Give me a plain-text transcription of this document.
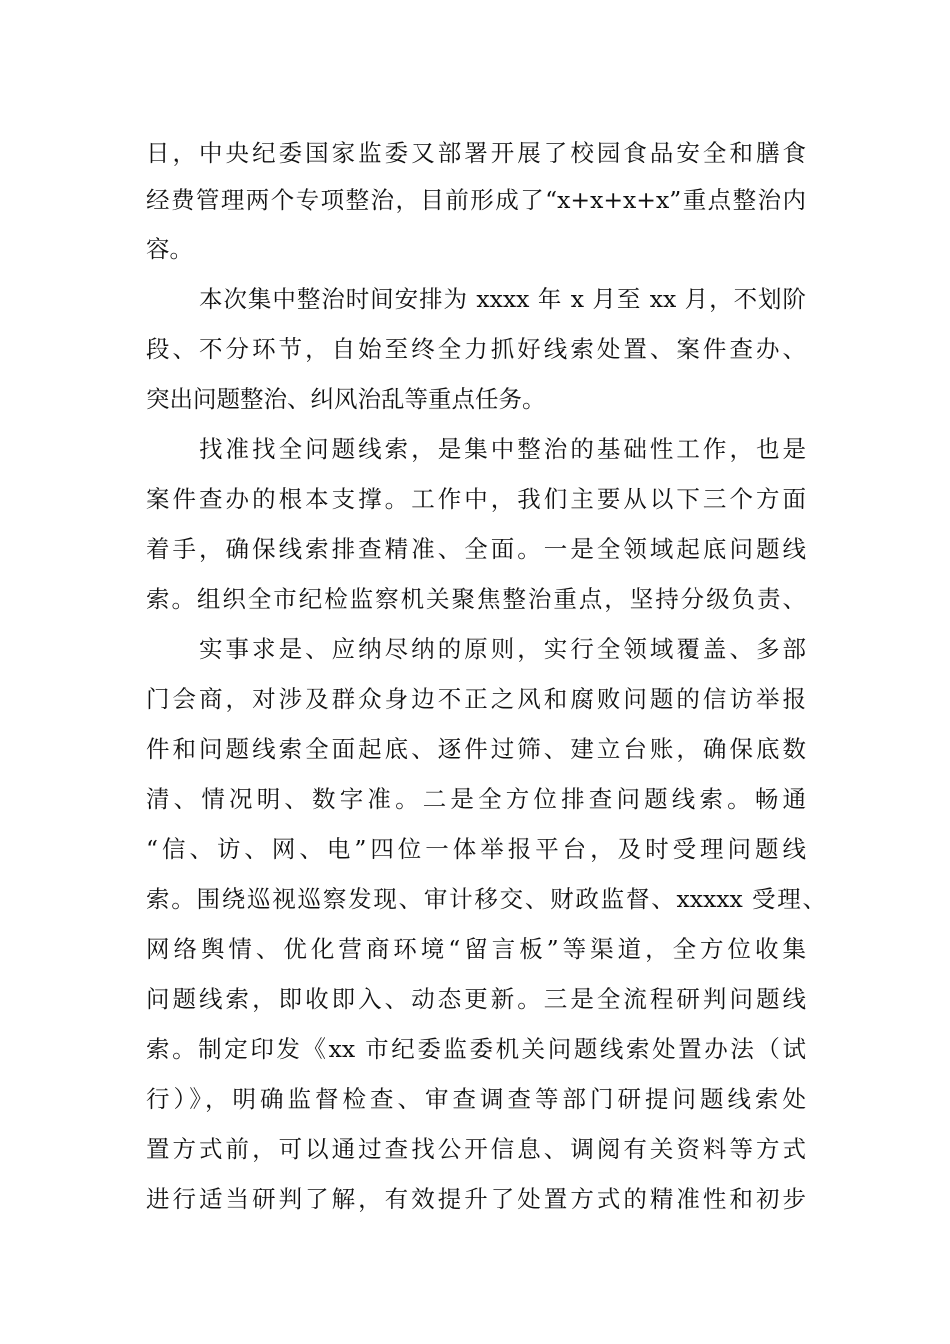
日，中央纪委国家监委又部署开展了校园食品安全和膳食
经费管理两个专项整治，目前形成了“x+x+x+x”重点整治内
容。
本次集中整治时间安排为 xxxx 年 x 月至 xx 月，不划阶
段、不分环节，自始至终全力抓好线索处置、案件查办、
突出问题整治、纠风治乱等重点任务。
找准找全问题线索，是集中整治的基础性工作，也是
案件查办的根本支撑。工作中，我们主要从以下三个方面
着手，确保线索排查精准、全面。一是全领域起底问题线
索。组织全市纪检监察机关聚焦整治重点，坚持分级负责、
实事求是、应纳尽纳的原则，实行全领域覆盖、多部
门会商，对涉及群众身边不正之风和腐败问题的信访举报
件和问题线索全面起底、逐件过筛、建立台账，确保底数
清、情况明、数字准。二是全方位排查问题线索。畅通
“信、访、网、电”四位一体举报平台，及时受理问题线
索。围绕巡视巡察发现、审计移交、财政监督、xxxxx 受理、
网络舆情、优化营商环境“留言板”等渠道，全方位收集
问题线索，即收即入、动态更新。三是全流程研判问题线
索。制定印发《xx 市纪委监委机关问题线索处置办法（试
行）》，明确监督检查、审查调查等部门研提问题线索处
置方式前，可以通过查找公开信息、调阅有关资料等方式
进行适当研判了解，有效提升了处置方式的精准性和初步
